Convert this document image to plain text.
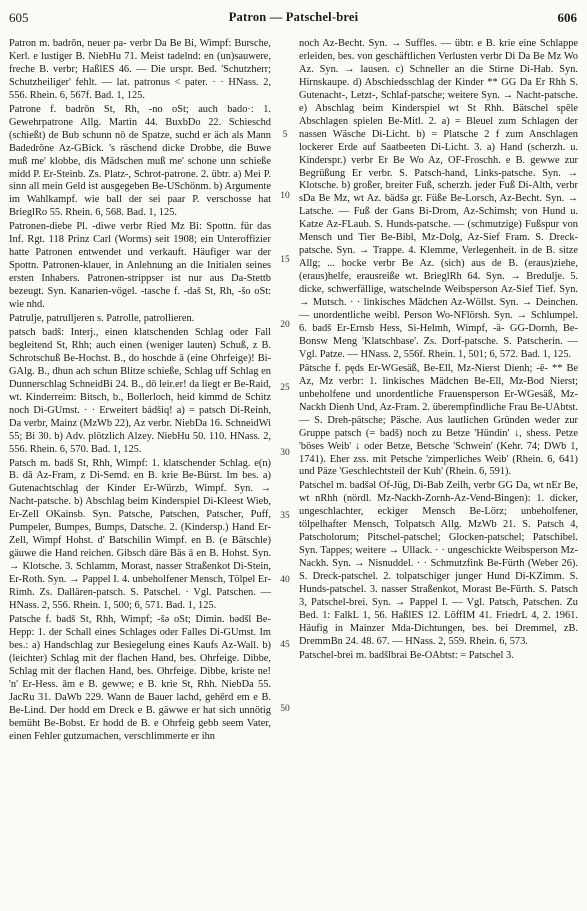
605	Patron — Patschel-brei	606

Patron m. badrōn, neuer pa- verbr Da Be Bi, Wimpf: Bursche, Kerl. e lustiger B. NiebHu 71. Meist tadelnd: en (un)sauwere, freche B. verbr; HaßlES 46. — Die urspr. Bed. 'Schutzherr; Schutzheiliger' fehlt. — lat. patronus < pater. · · HNass. 2, 556. Rhein. 6, 567f. Bad. 1, 125.

Patrone f. badrōn St, Rh, -no oSt; auch bado·: 1. Gewehrpatrone Allg. Martin 44. BuxbDo 22. Schieschd (schießt) de Bub schunn nō de Spatze, suchd er äch als Mann Badedrōne Az-GBick. 's räschend dicke Drobbe, die Buwe muß me' klobbe, dis Mädschen muß me' schone unn schieße midd P. Er-Steinb. Zs. Platz-, Schrot-patrone. 2. übtr. a) Mei P. sinn all mein Geld ist ausgegeben Be-USchönm. b) Argumente im Wahlkampf. wie ball der sei paar P. verschosse hat BrieglRo 55. Rhein. 6, 568. Bad. 1, 125.

Patronen-diebe Pl. -diwe verbr Ried Mz Bi: Spottn. für das Inf. Rgt. 118 Prinz Carl (Worms) seit 1908; ein Unteroffizier hatte Patronen entwendet und verkauft. Häufiger war der Spottn. Patronen-klauer, in Anlehnung an die Initialen seines ersten Inhabers. Patronen-strippser ist nur aus Da-Stettb bezeugt. Syn. Kanarien-vögel. -tasche f. -daš St, Rh, -šo oSt: wie nhd.

Patrulje, patrulljeren s. Patrolle, patrollieren.

patsch badš: Interj., einen klatschenden Schlag oder Fall begleitend St, Rhh; auch einen (weniger lauten) Schuß, z B. Schrotschuß Be-Hochst. B., do hoschde ā (eine Ohrfeige)! Bi-GAlg. B., dhun ach schun Blitze schieße, Schlag uff Schlag en Dunnerschlag SchneidBi 24. B., dō leir.er! da liegt er Be-Raid, wt. Kinderreim: Bitsch, b., Bollerloch, heid kimmd de Schitz noch Di-GUmst. · · Erweitert bádšiq! a) = patsch Di-Reinh, Da verbr, Mainz (MzWb 22), Az verbr. NiebDa 16. SchneidWi 55; Bi 30. b) Adv. plötzlich Alzey. NiebHu 50. 110. HNass. 2, 556. Rhein. 6, 570. Bad. 1, 125.

Patsch m. badš St, Rhh, Wimpf: 1. klatschender Schlag. e(n) B. dā Az-Fram, z Di-Semd. en B. krie Be-Bürst. Im bes. a) Gutenachtschlag der Kinder Er-Würzb, Wimpf. Syn. → Nacht-patsche. b) Abschlag beim Kinderspiel Di-Kleest Wieb, Er-Zell OKainsb. Syn. Patsche, Patschen, Patscher, Puff, Pumpeler, Bumpes, Bumps, Datsche. 2. (Kindersp.) Hand Er-Zell, Wimpf Hohst. d' Batschilin Wimpf. en B. (e Bätschle) gäuwe die Hand reichen. Gibsch däre Bäs ā en B. Hohst. Syn. → Klotsche. 3. Schlamm, Morast, nasser Straßenkot Di-Stein, Er-Roth. Syn. → Pappel I. 4. unbeholfener Mensch, Tölpel Er-Rimh. Zs. Dallären-patsch. S. Patschel. · Vgl. Patschen. — HNass. 2, 556. Rhein. 1, 500; 6, 571. Bad. 1, 125.

Patsche f. badš St, Rhh, Wimpf; -šə oSt; Dimin. bədšl Be-Hepp: 1. der Schall eines Schlages oder Falles Di-GUmst. Im bes.: a) Handschlag zur Besiegelung eines Kaufs Az-Wall. b) (leichter) Schlag mit der flachen Hand, bes. Ohrfeige. Dibbe, Schlag mit der flachen Hand, bes. Ohrfeige. Dibbe, kriste ne! 'n' Er-Hess. ām e B. gewwe; e B. krie St, Rhh. NiebDa 55. JacRu 31. DaWb 229. Wann de Bauer lachd, gehērd em e B. Be-Lind. Der hodd em Dreck e B. gäwwe er hat sich unnötig bemüht Be-Bobst. Er hodd de B. e Ohrfeig gebb seem Vater, einen Fehler gutzumachen, verschlimmerte er ihn

5
10
15
20
25
30
35
40
45
50

noch Az-Becht. Syn. → Suffles. — übtr. e B. krie eine Schlappe erleiden, bes. von geschäftlichen Verlusten verbr Di Da Be Mz Wo Az. Syn. → lausen. c) Schneller an die Stirne Di-Hab. Syn. Hirnskaupe. d) Abschiedsschlag der Kinder ** GG Da Er Rhh S. Gutenacht-, Letzt-, Schlaf-patsche; weitere Syn. → Nacht-patsche. e) Abschlag beim Kinderspiel wt St Rhh. Bätschel spēle Abschlagen spielen Be-Mitl. 2. a) = Bleuel zum Schlagen der nassen Wäsche Di-Licht. b) = Platsche 2 f zum Anschlagen lockerer Erde auf Saatbeeten Di-Licht. 3. a) Hand (scherzh. u. Kinderspr.) verbr Er Be Wo Az, OF-Froschh. e B. gewwe zur Begrüßung Er verbr. S. Patsch-hand, Links-patsche. Syn. → Klotsche. b) großer, breiter Fuß, scherzh. jeder Fuß Di-Alth, verbr sDa Be Mz, wt Az. bädšə gr. Füße Be-Lorsch, Az-Becht. Syn. → Latsche. — Fuß der Gans Bi-Drom, Az-Schimsh; von Hund u. Katze Az-FLaub. S. Hunds-patsche. — (schmutzige) Fußspur von Mensch und Tier Be-Bibl, Mz-Dolg, Az-Sief Fram. S. Dreck-patsche. Syn. → Trappe. 4. Klemme, Verlegenheit. in de B. sitze Allg; ... hocke verbr Be Az. (sich) aus de B. (eraus)ziehe, (eraus)helfe, erausreiße wt. BrieglRh 64. Syn. → Bredulje. 5. dicke, schwerfällige, watschelnde Weibsperson Az-Sief Tief. Syn. → Mutsch. · · linkisches Mädchen Az-Wöllst. Syn. → Deinchen. — unordentliche weibl. Person Wo-NFlörsh. Syn. → Schlumpel. 6. badš Er-Ernsb Hess, Si-Helmh, Wimpf, -ä- GG-Dornh, Be-Bonsw Meng 'Klatschbase'. Zs. Dorf-patsche. S. Patscherin. — Vgl. Patze. — HNass. 2, 556f. Rhein. 1, 501; 6, 572. Bad. 1, 125.

Pätsche f. pęds Er-WGesäß, Be-Ell, Mz-Nierst Dienh; -ē- ** Be Az, Mz verbr: 1. linkisches Mädchen Be-Ell, Mz-Bod Nierst; unbeholfene und unordentliche Frauensperson Er-WGesäß, Mz-Nackh Dienh Und, Az-Fram. 2. überempfindliche Frau Be-UAbtst. — S. Dreh-pätsche; Päsche. Aus lautlichen Gründen weder zur Gruppe patsch (= badš) noch zu Betze 'Hündin' ↓, shess. Petze 'böses Weib' ↓ oder Betze, Betsche 'Schwein' (Kehr. 74; DWb 1, 1741). Eher zss. mit Petsche 'zimperliches Weib' (Rhein. 6, 641) und Päze 'Geschlechtsteil der Kuh' (Rhein. 6, 591).

Patschel m. badšəl Of-Jüg, Di-Bab Zeilh, verbr GG Da, wt nEr Be, wt nRhh (nördl. Mz-Nackh-Zornh-Az-Vend-Bingen): 1. dicker, ungeschlachter, eckiger Mensch Be-Lörz; unbeholfener, tölpelhafter Mensch, Tolpatsch Allg. MzWb 21. S. Patsch 4, Patscholorum; Pitschel-patschel; Glocken-patschel; Patschibel. Syn. Tappes; weitere → Ullack. · · ungeschickte Weibsperson Mz-Nackh. Syn. → Nisnuddel. · · Schmutzfink Be-Fürth (Weber 26). S. Dreck-patschel. 2. tolpatschiger junger Hund Di-KZimm. S. Hunds-patschel. 3. nasser Straßenkot, Morast Be-Fürth. S. Patsch 3, Patschel-brei. Syn. → Pappel I. — Vgl. Patsch, Patschen. Zu Bed. 1: FalkL 1, 56. HaßlES 12. LöffIM 41. FriedrL 4, 2. 1961. Häufig in Mainzer Mda-Dichtungen, bes. bei Dremmel, zB. DremmBn 24. 48. 67. — HNass. 2, 559. Rhein. 6, 573.

Patschel-brei m. badšlbrai Be-OAbtst: = Patschel 3.
